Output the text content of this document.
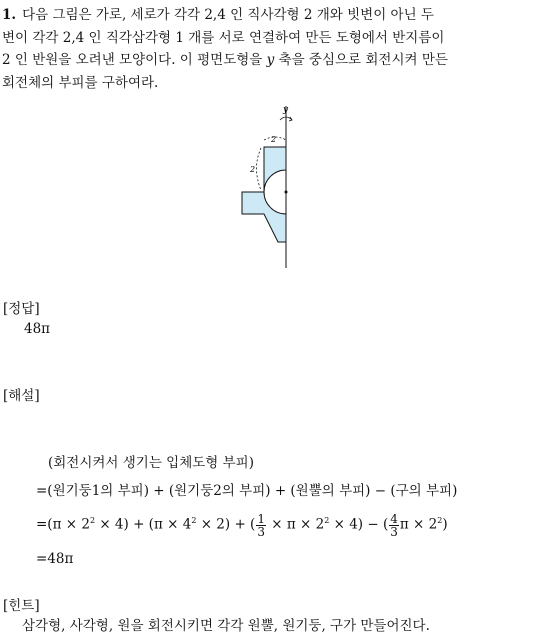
1. 다음 그림은 가로, 세로가 각각 2,4 인 직사각형 2 개와 빗변이 아닌 두
변이 각각 2,4 인 직각삼각형 1 개를 서로 연결하여 만든 도형에서 반지름이
2 인 반원을 오려낸 모양이다. 이 평면도형을 y 축을 중심으로 회전시켜 만든
회전체의 부피를 구하여라.
y
2
2
[정답]
48π
[해설]
(회전시켜서 생기는 입체도형 부피)
=(원기둥1의 부피) + (원기둥2의 부피) + (원뿔의 부피) − (구의 부피)
$=(\pi \times 2^2 \times 4) + (\pi \times 4^2 \times 2)$ + ( $\frac{1}{3} \times \pi \times 2^2 \times 4$) − ( $\frac{4}{3}$ $\pi \times 2^2$)
=48π
[힌트]
삼각형, 사각형, 원을 회전시키면 각각 원뿔, 원기둥, 구가 만들어진다.
